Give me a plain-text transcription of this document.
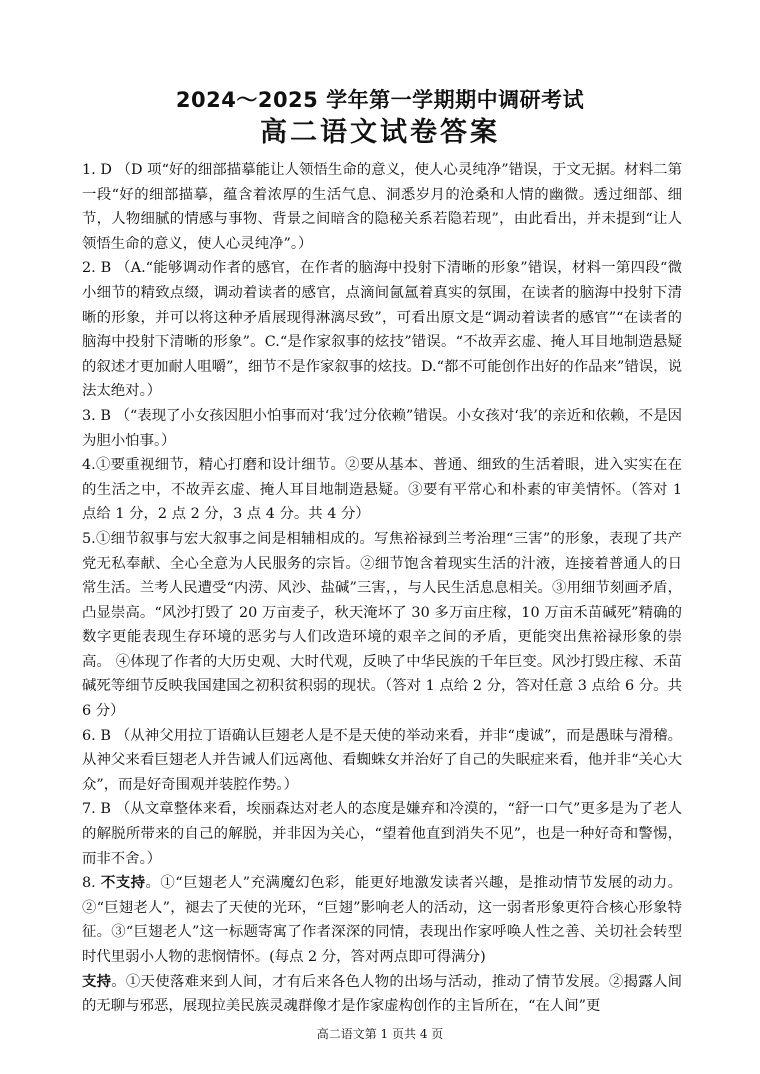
2024～2025 学年第一学期期中调研考试
高二语文试卷答案

1. D （D 项“好的细部描摹能让人领悟生命的意义，使人心灵纯净”错误，于文无据。材料二第一段“好的细部描摹，蕴含着浓厚的生活气息、洞悉岁月的沧桑和人情的幽微。透过细部、细节，人物细腻的情感与事物、背景之间暗含的隐秘关系若隐若现”，由此看出，并未提到“让人领悟生命的意义，使人心灵纯净”。）

2. B （A.“能够调动作者的感官，在作者的脑海中投射下清晰的形象”错误，材料一第四段“微小细节的精致点缀，调动着读者的感官，点滴间氤氲着真实的氛围，在读者的脑海中投射下清晰的形象，并可以将这种矛盾展现得淋漓尽致”，可看出原文是“调动着读者的感官”“在读者的脑海中投射下清晰的形象”。C.“是作家叙事的炫技”错误。“不故弄玄虚、掩人耳目地制造悬疑的叙述才更加耐人咀嚼”，细节不是作家叙事的炫技。D.“都不可能创作出好的作品来”错误，说法太绝对。）

3. B （“表现了小女孩因胆小怕事而对‘我’过分依赖”错误。小女孩对‘我’的亲近和依赖，不是因为胆小怕事。）

4.①要重视细节，精心打磨和设计细节。②要从基本、普通、细致的生活着眼，进入实实在在的生活之中，不故弄玄虚、掩人耳目地制造悬疑。③要有平常心和朴素的审美情怀。（答对 1 点给 1 分，2 点 2 分，3 点 4 分。共 4 分）

5.①细节叙事与宏大叙事之间是相辅相成的。写焦裕禄到兰考治理“三害”的形象，表现了共产党无私奉献、全心全意为人民服务的宗旨。②细节饱含着现实生活的汁液，连接着普通人的日常生活。兰考人民遭受“内涝、风沙、盐碱”三害，，与人民生活息息相关。③用细节刻画矛盾，凸显崇高。“风沙打毁了 20 万亩麦子，秋天淹坏了 30 多万亩庄稼，10 万亩禾苗碱死”精确的数字更能表现生存环境的恶劣与人们改造环境的艰辛之间的矛盾，更能突出焦裕禄形象的崇高。 ④体现了作者的大历史观、大时代观，反映了中华民族的千年巨变。风沙打毁庄稼、禾苗碱死等细节反映我国建国之初积贫积弱的现状。（答对 1 点给 2 分，答对任意 3 点给 6 分。共 6 分）

6. B （从神父用拉丁语确认巨翅老人是不是天使的举动来看，并非“虔诚”，而是愚昧与滑稽。从神父来看巨翅老人并告诫人们远离他、看蜘蛛女并治好了自己的失眠症来看，他并非“关心大众”，而是好奇围观并装腔作势。）

7. B （从文章整体来看，埃丽森达对老人的态度是嫌弃和冷漠的，“舒一口气”更多是为了老人的解脱所带来的自己的解脱，并非因为关心，“望着他直到消失不见”，也是一种好奇和警惕，而非不舍。）

8. 不支持。①“巨翅老人”充满魔幻色彩，能更好地激发读者兴趣，是推动情节发展的动力。②“巨翅老人”，褪去了天使的光环，“巨翅”影响老人的活动，这一弱者形象更符合核心形象特征。③“巨翅老人”这一标题寄寓了作者深深的同情，表现出作家呼唤人性之善、关切社会转型时代里弱小人物的悲悯情怀。(每点 2 分，答对两点即可得满分)

支持。①天使落难来到人间，才有后来各色人物的出场与活动，推动了情节发展。②揭露人间的无聊与邪恶，展现拉美民族灵魂群像才是作家虚构创作的主旨所在，“在人间”更

高二语文第 1 页共 4 页
